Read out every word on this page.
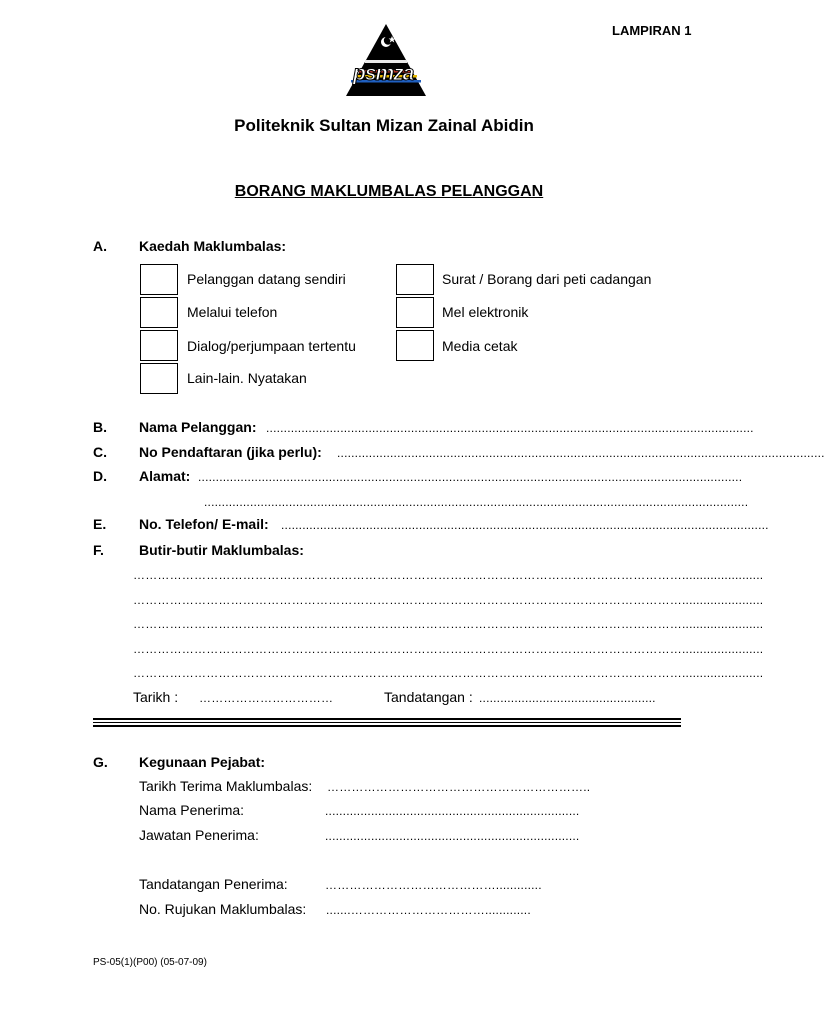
LAMPIRAN 1
psmza
Politeknik Sultan Mizan Zainal Abidin
BORANG MAKLUMBALAS PELANGGAN
A. Kaedah Maklumbalas:
Pelanggan datang sendiri
Melalui telefon
Dialog/perjumpaan tertentu
Lain-lain. Nyatakan
Surat / Borang dari peti cadangan
Mel elektronik
Media cetak
B. Nama Pelanggan: ..........................................................................................................................................
C. No Pendaftaran (jika perlu): ..........................................................................................................................................
D. Alamat: ..........................................................................................................................................................
..........................................................................................................................................................
E. No. Telefon/ E-mail: ..........................................................................................................................................
F.	Butir-butir Maklumbalas:
……………………………………………………………………………………………………………………….......................
……………………………………………………………………………………………………………………….......................
……………………………………………………………………………………………………………………….......................
……………………………………………………………………………………………………………………….......................
……………………………………………………………………………………………………………………….......................
Tarikh : ……………………………	Tandatangan : ..................................................
G. Kegunaan Pejabat:
Tarikh Terima Maklumbalas: ………………………………………………………..
Nama Penerima:	........................................................................
Jawatan Penerima:	........................................................................
Tandatangan Penerima:	…………………………………….............
No. Rujukan Maklumbalas: .......…………………………….............
PS-05(1)(P00) (05-07-09)
